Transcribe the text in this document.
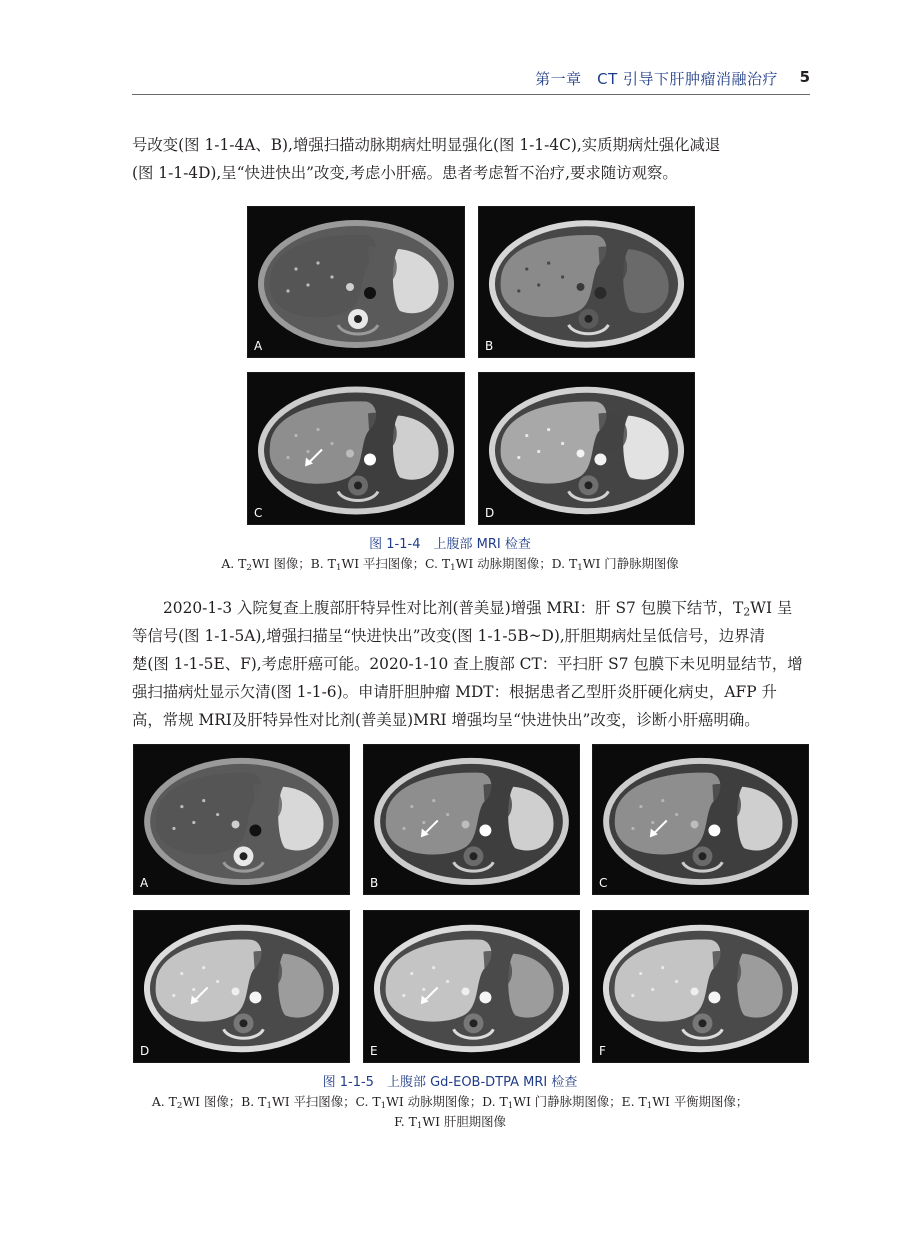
第一章　CT 引导下肝肿瘤消融治疗 5

号改变(图 1-1-4A、B),增强扫描动脉期病灶明显强化(图 1-1-4C),实质期病灶强化减退
(图 1-1-4D),呈“快进快出”改变,考虑小肝癌。患者考虑暂不治疗,要求随访观察。

A	B
C	D
图 1-1-4　上腹部 MRI 检查
A. $T_2WI$ 图像；B. $T_1WI$ 平扫图像；C. $T_1WI$ 动脉期图像；D. $T_1WI$ 门静脉期图像

2020-1-3 入院复查上腹部肝特异性对比剂(普美显)增强 MRI：肝 S7 包膜下结节，$T_2WI$ 呈
等信号(图 1-1-5A),增强扫描呈“快进快出”改变(图 1-1-5B~D),肝胆期病灶呈低信号，边界清
楚(图 1-1-5E、F),考虑肝癌可能。2020-1-10 查上腹部 CT：平扫肝 S7 包膜下未见明显结节，增
强扫描病灶显示欠清(图 1-1-6)。申请肝胆肿瘤 MDT：根据患者乙型肝炎肝硬化病史，AFP 升
高，常规 MRI及肝特异性对比剂(普美显)MRI 增强均呈“快进快出”改变，诊断小肝癌明确。

A	B	C
D	E	F
图 1-1-5　上腹部 Gd-EOB-DTPA MRI 检查
A. $T_2WI$ 图像；B. $T_1WI$ 平扫图像；C. $T_1WI$ 动脉期图像；D. $T_1WI$ 门静脉期图像；E. $T_1WI$ 平衡期图像；
F. $T_1WI$ 肝胆期图像
